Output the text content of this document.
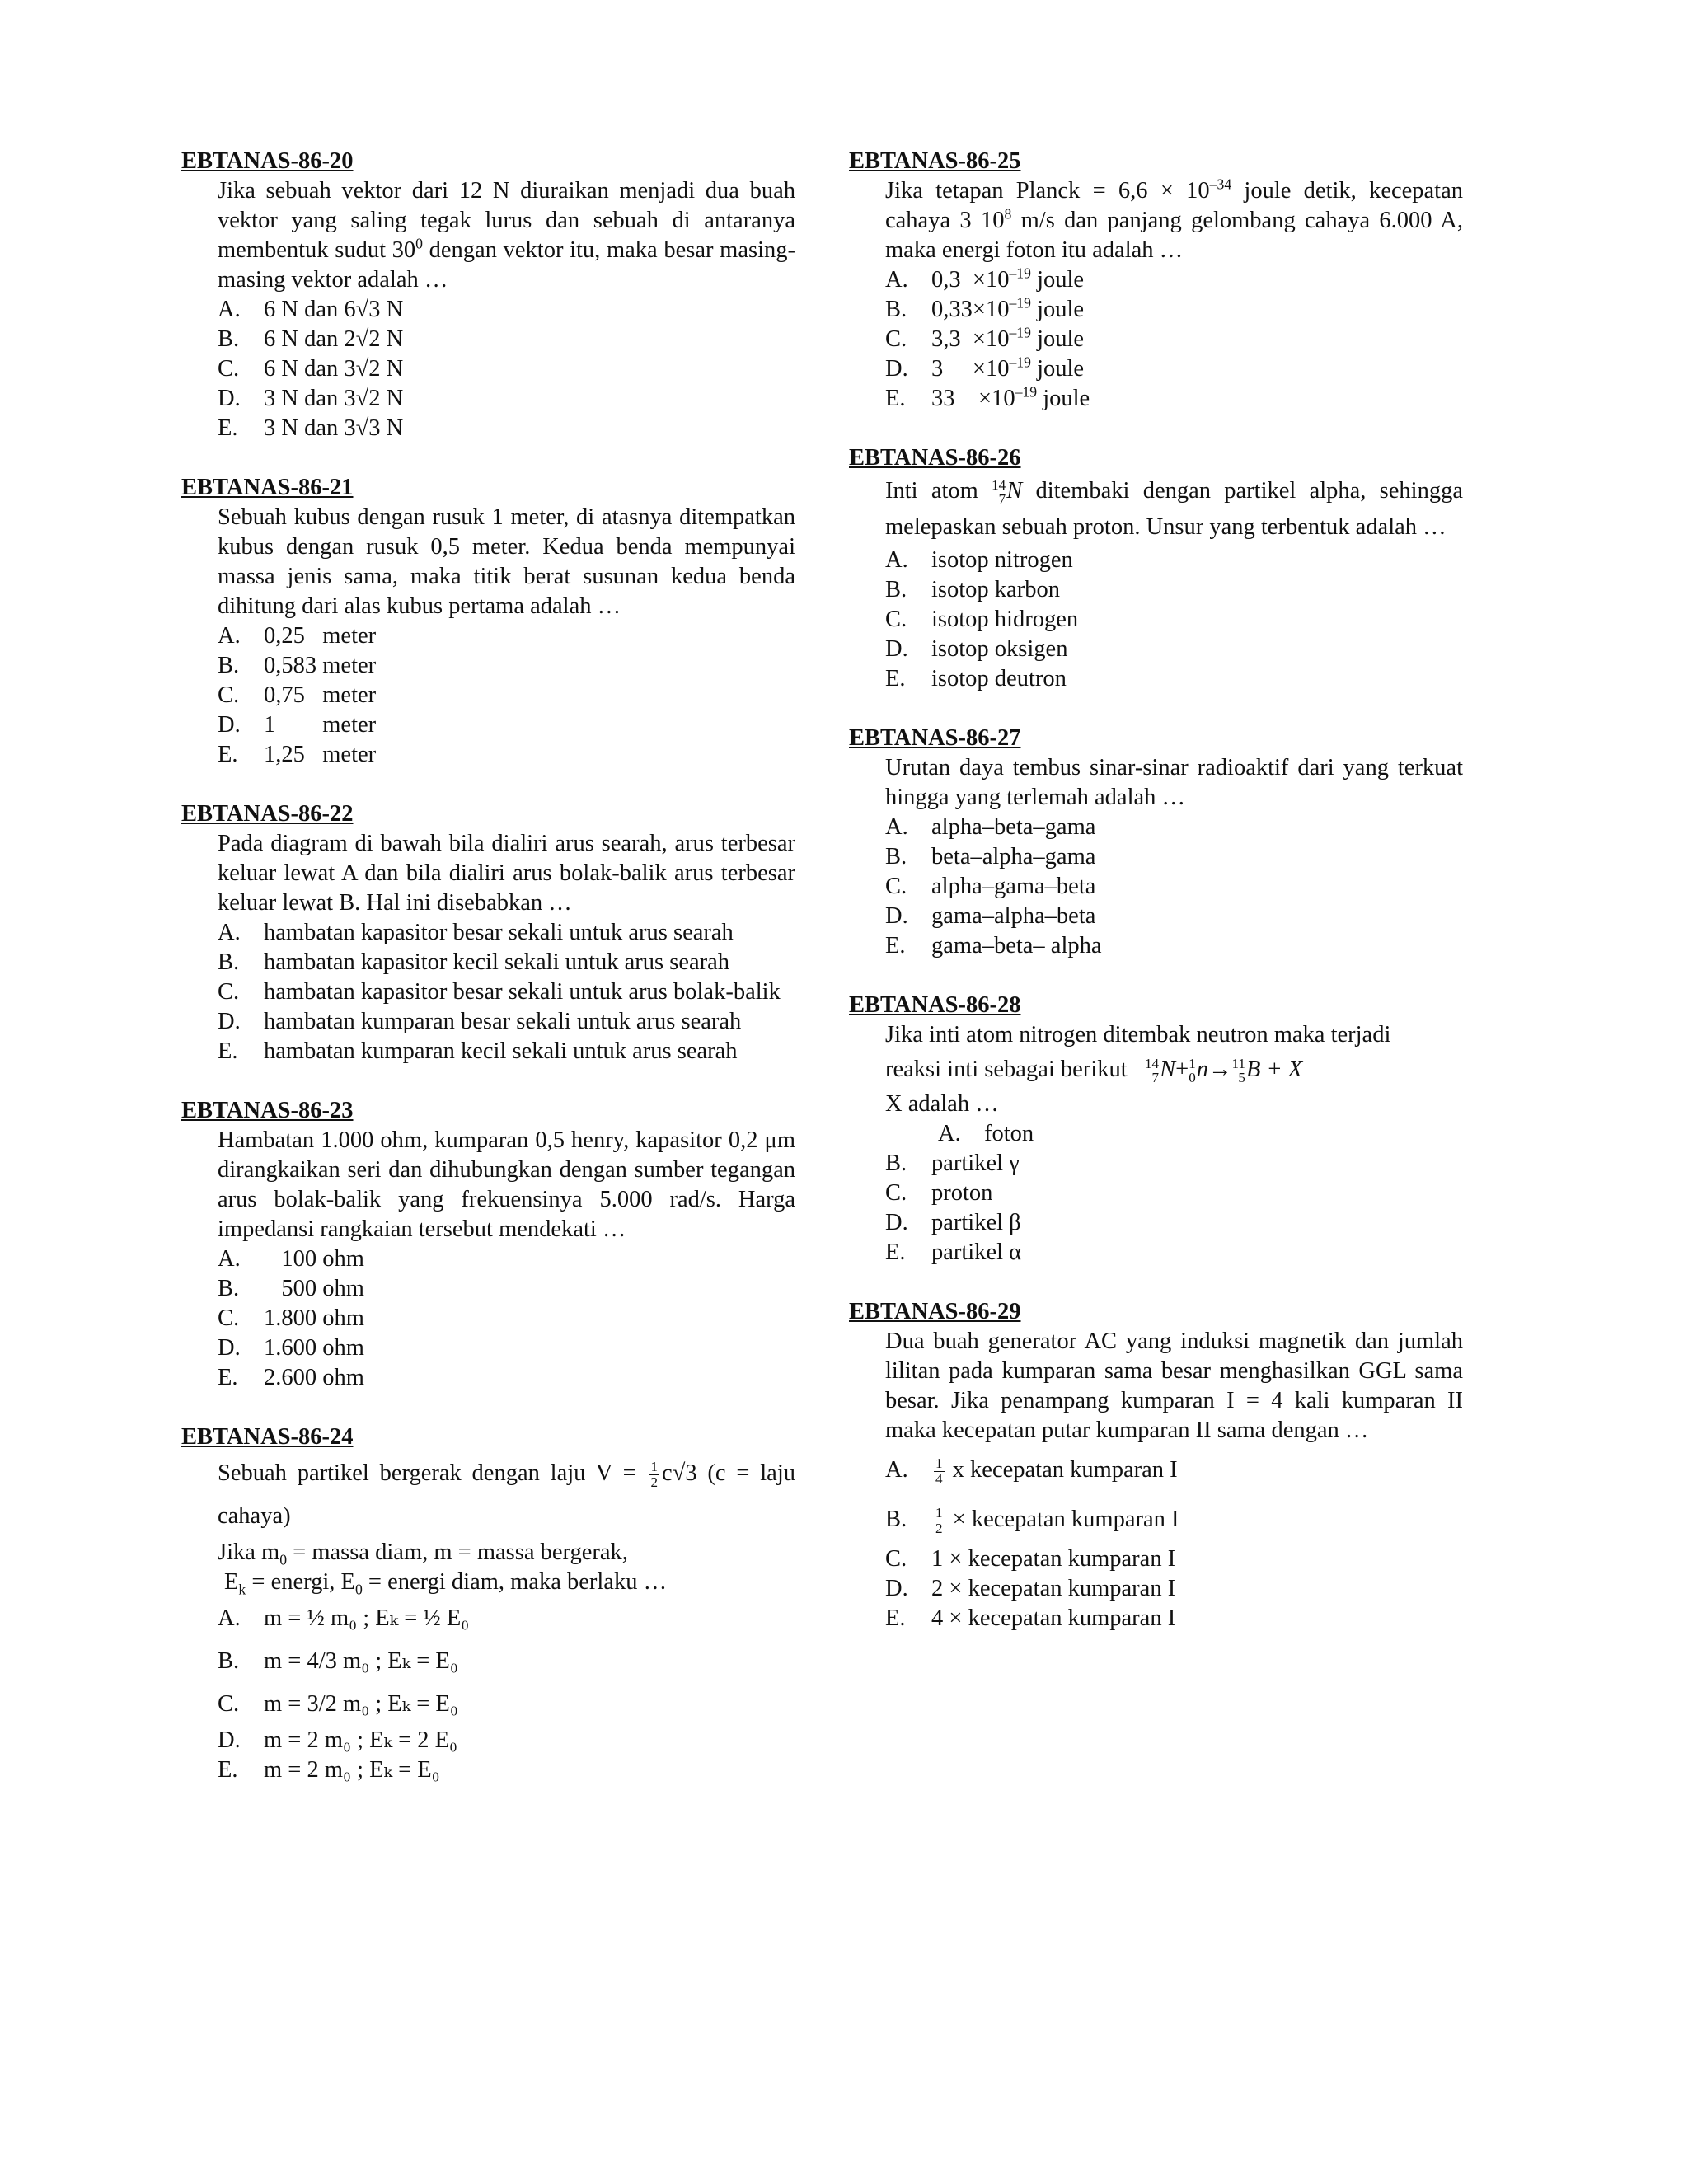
EBTANAS-86-20
Jika sebuah vektor dari 12 N diuraikan menjadi dua buah vektor yang saling tegak lurus dan sebuah di antaranya membentuk sudut $30^0$ dengan vektor itu, maka besar masing-masing vektor adalah …
A. 6 N dan 6√3 N
B.	6 N dan 2√2 N
C.	6 N dan 3√2 N
D. 3 N dan 3√2 N
E.	3 N dan 3√3 N
EBTANAS-86-21
Sebuah kubus dengan rusuk 1 meter, di atasnya ditempatkan kubus dengan rusuk 0,5 meter. Kedua benda mempunyai massa jenis sama, maka titik berat susunan kedua benda dihitung dari alas kubus pertama adalah …
A. 0,25   meter
B.	0,583 meter
C.	0,75   meter
D. 1        meter
E.	1,25   meter
EBTANAS-86-22
Pada diagram di bawah bila dialiri arus searah, arus terbesar keluar lewat A dan bila dialiri arus bolak-balik arus terbesar keluar lewat B. Hal ini disebabkan …
A. hambatan kapasitor besar sekali untuk arus searah
B.	hambatan kapasitor kecil sekali untuk arus searah
C.	hambatan kapasitor besar sekali untuk arus bolak-balik
D. hambatan kumparan besar sekali untuk arus searah
E.	hambatan kumparan kecil sekali untuk arus searah
EBTANAS-86-23
Hambatan 1.000 ohm, kumparan 0,5 henry, kapasitor 0,2 μm dirangkaikan seri dan dihubungkan dengan sumber tegangan arus bolak-balik yang frekuensinya 5.000 rad/s. Harga impedansi rangkaian tersebut mendekati …
A. 100 ohm
B.	500 ohm
C.	1.800 ohm
D. 1.600 ohm
E.	2.600 ohm
EBTANAS-86-24
Sebuah partikel bergerak dengan laju $V = \frac{1}{2} c√3$ (c = laju cahaya)
Jika $m_0$ = massa diam, m = massa bergerak,
$E_k$ = energi, $E_0$ = energi diam, maka berlaku …
A. m = ½ m₀ ; Eₖ = ½ E₀
B.	m = 4/3 m₀ ; Eₖ = E₀
C.	m = 3/2 m₀ ; Eₖ = E₀
D. m = 2 m₀ ; Eₖ = 2 E₀
E.	m = 2 m₀ ; Eₖ = E₀
EBTANAS-86-25
Jika tetapan Planck = $6,6 \times 10^{-34}$ joule detik, kecepatan cahaya 3 $10^8$ m/s dan panjang gelombang cahaya 6.000 A, maka energi foton itu adalah …
A. $0,3 \times 10^{-19}$ joule
B.	$0,33\times 10^{-19}$ joule
C.	$3,3 \times 10^{-19}$ joule
D. 3     $\times 10^{-19}$ joule
E.	33    $\times 10^{-19}$ joule
EBTANAS-86-26
Inti atom 14
7 N ditembaki dengan partikel alpha, sehingga melepaskan sebuah proton. Unsur yang terbentuk adalah …
A. isotop nitrogen
B.	isotop karbon
C.	isotop hidrogen
D. isotop oksigen
E.	isotop deutron
EBTANAS-86-27
Urutan daya tembus sinar-sinar radioaktif dari yang terkuat hingga yang terlemah adalah …
A. alpha–beta–gama
B.	beta–alpha–gama
C.	alpha–gama–beta
D. gama–alpha–beta
E.	gama–beta– alpha
EBTANAS-86-28
Jika inti atom nitrogen ditembak neutron maka terjadi
reaksi inti sebagai berikut 14
7 N+ 1
0 n→ 11
5 B + X
X adalah …
A. foton
B.	partikel γ
C.	proton
D. partikel β
E.	partikel α
EBTANAS-86-29
Dua buah generator AC yang induksi magnetik dan jumlah lilitan pada kumparan sama besar menghasilkan GGL sama besar. Jika penampang kumparan I = 4 kali kumparan II maka kecepatan putar kumparan II sama dengan …
A.	$\frac{1}{4}$ x kecepatan kumparan I
B.	$\frac{1}{2}$ × kecepatan kumparan I
C.	1 × kecepatan kumparan I
D. 2 × kecepatan kumparan I
E.	4 × kecepatan kumparan I
